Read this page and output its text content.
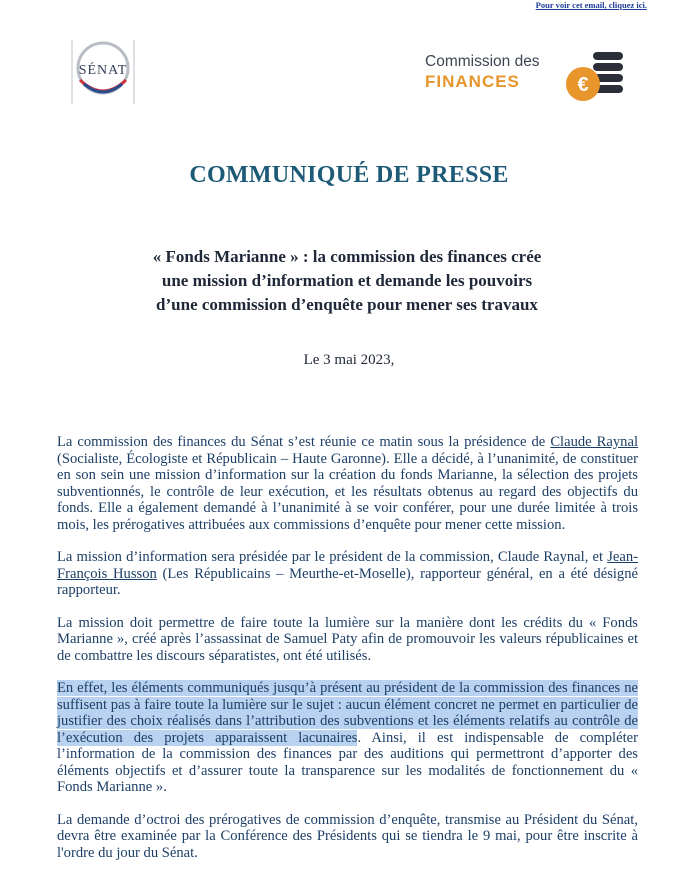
Pour voir cet email, cliquez ici.
SÉNAT
Commission des
FINANCES	€
COMMUNIQUÉ DE PRESSE
« Fonds Marianne » : la commission des finances crée
une mission d’information et demande les pouvoirs
d’une commission d’enquête pour mener ses travaux
Le 3 mai 2023,

La commission des finances du Sénat s’est réunie ce matin sous la présidence de Claude Raynal (Socialiste, Écologiste et Républicain – Haute Garonne). Elle a décidé, à l’unanimité, de constituer en son sein une mission d’information sur la création du fonds Marianne, la sélection des projets subventionnés, le contrôle de leur exécution, et les résultats obtenus au regard des objectifs du fonds. Elle a également demandé à l’unanimité à se voir conférer, pour une durée limitée à trois mois, les prérogatives attribuées aux commissions d’enquête pour mener cette mission.

La mission d’information sera présidée par le président de la commission, Claude Raynal, et Jean-François Husson (Les Républicains – Meurthe-et-Moselle), rapporteur général, en a été désigné rapporteur.

La mission doit permettre de faire toute la lumière sur la manière dont les crédits du « Fonds Marianne », créé après l’assassinat de Samuel Paty afin de promouvoir les valeurs républicaines et de combattre les discours séparatistes, ont été utilisés.

En effet, les éléments communiqués jusqu’à présent au président de la commission des finances ne suffisent pas à faire toute la lumière sur le sujet : aucun élément concret ne permet en particulier de justifier des choix réalisés dans l’attribution des subventions et les éléments relatifs au contrôle de l’exécution des projets apparaissent lacunaires. Ainsi, il est indispensable de compléter l’information de la commission des finances par des auditions qui permettront d’apporter des éléments objectifs et d’assurer toute la transparence sur les modalités de fonctionnement du « Fonds Marianne ».

La demande d’octroi des prérogatives de commission d’enquête, transmise au Président du Sénat, devra être examinée par la Conférence des Présidents qui se tiendra le 9 mai, pour être inscrite à l'ordre du jour du Sénat.
